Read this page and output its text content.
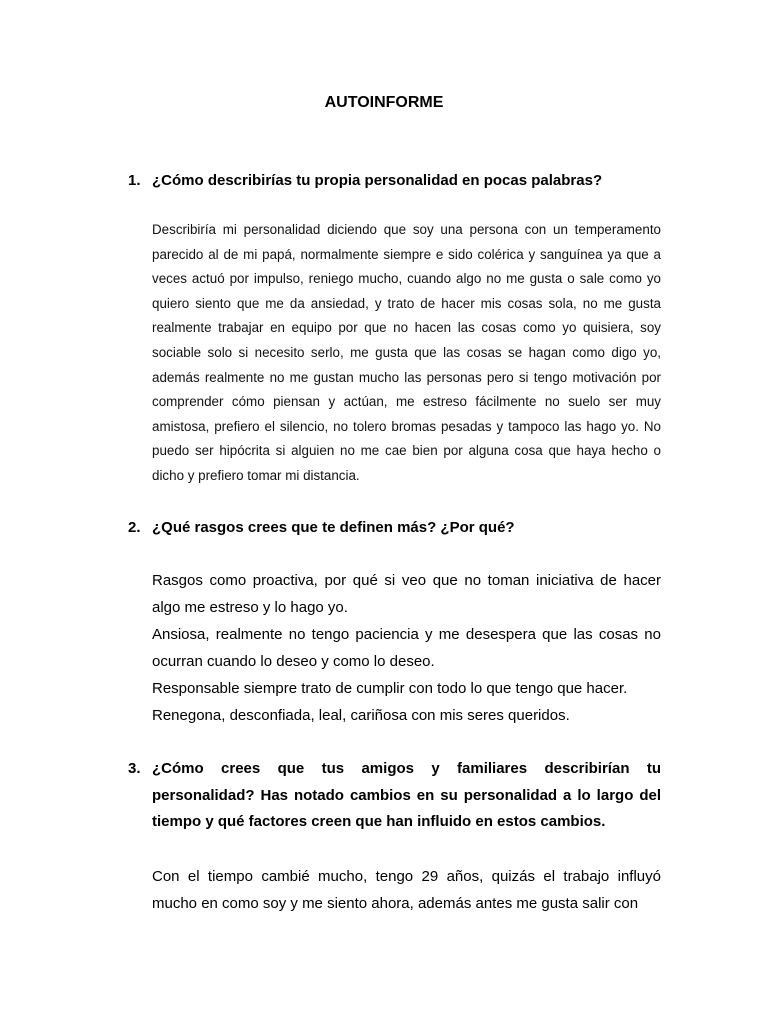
AUTOINFORME
1. ¿Cómo describirías tu propia personalidad en pocas palabras?

Describiría mi personalidad diciendo que soy una persona con un temperamento parecido al de mi papá, normalmente siempre e sido colérica y sanguínea ya que a veces actuó por impulso, reniego mucho, cuando algo no me gusta o sale como yo quiero siento que me da ansiedad, y trato de hacer mis cosas sola, no me gusta realmente trabajar en equipo por que no hacen las cosas como yo quisiera, soy sociable solo si necesito serlo, me gusta que las cosas se hagan como digo yo, además realmente no me gustan mucho las personas pero si tengo motivación por comprender cómo piensan y actúan, me estreso fácilmente no suelo ser muy amistosa, prefiero el silencio, no tolero bromas pesadas y tampoco las hago yo. No puedo ser hipócrita si alguien no me cae bien por alguna cosa que haya hecho o dicho y prefiero tomar mi distancia.

2. ¿Qué rasgos crees que te definen más? ¿Por qué?

Rasgos como proactiva, por qué si veo que no toman iniciativa de hacer algo me estreso y lo hago yo.

Ansiosa, realmente no tengo paciencia y me desespera que las cosas no ocurran cuando lo deseo y como lo deseo.

Responsable siempre trato de cumplir con todo lo que tengo que hacer.

Renegona, desconfiada, leal, cariñosa con mis seres queridos.

3. ¿Cómo crees que tus amigos y familiares describirían tu personalidad? Has notado cambios en su personalidad a lo largo del tiempo y qué factores creen que han influido en estos cambios.

Con el tiempo cambié mucho, tengo 29 años, quizás el trabajo influyó mucho en como soy y me siento ahora, además antes me gusta salir con
